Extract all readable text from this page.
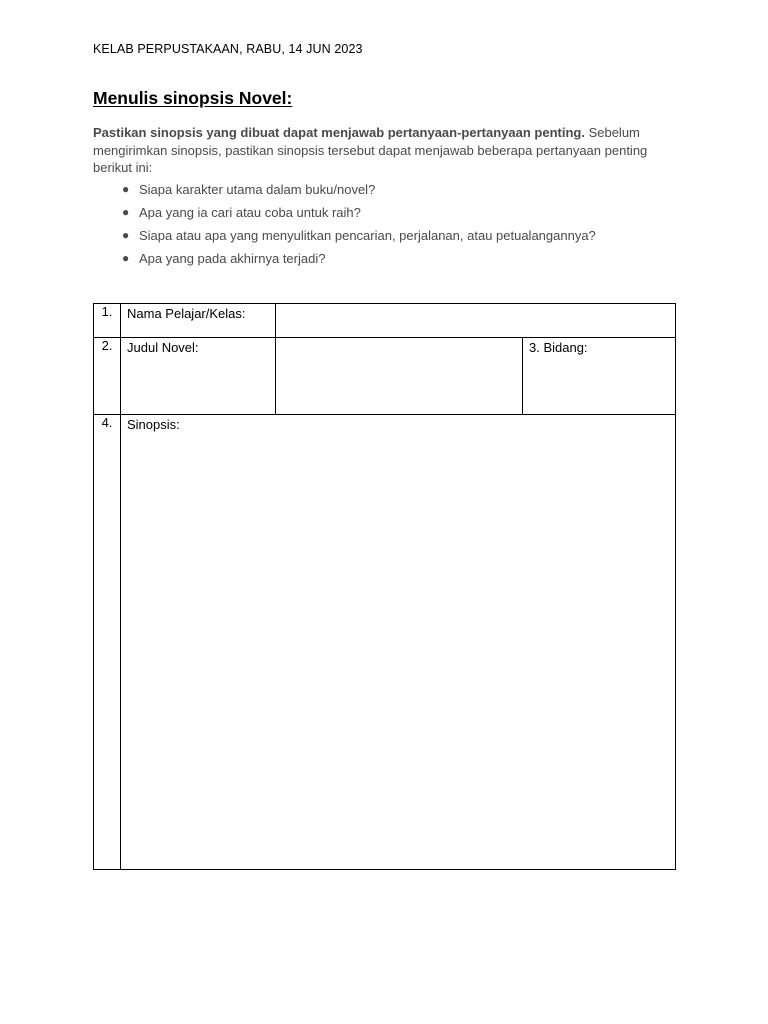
KELAB PERPUSTAKAAN, RABU, 14 JUN 2023
Menulis sinopsis Novel:

Pastikan sinopsis yang dibuat dapat menjawab pertanyaan-pertanyaan penting. Sebelum mengirimkan sinopsis, pastikan sinopsis tersebut dapat menjawab beberapa pertanyaan penting berikut ini:

● Siapa karakter utama dalam buku/novel?
● Apa yang ia cari atau coba untuk raih?
● Siapa atau apa yang menyulitkan pencarian, perjalanan, atau petualangannya?
● Apa yang pada akhirnya terjadi?
1.	Nama Pelajar/Kelas:		

2.	Judul Novel:		3. Bidang:

4.	Sinopsis:		
